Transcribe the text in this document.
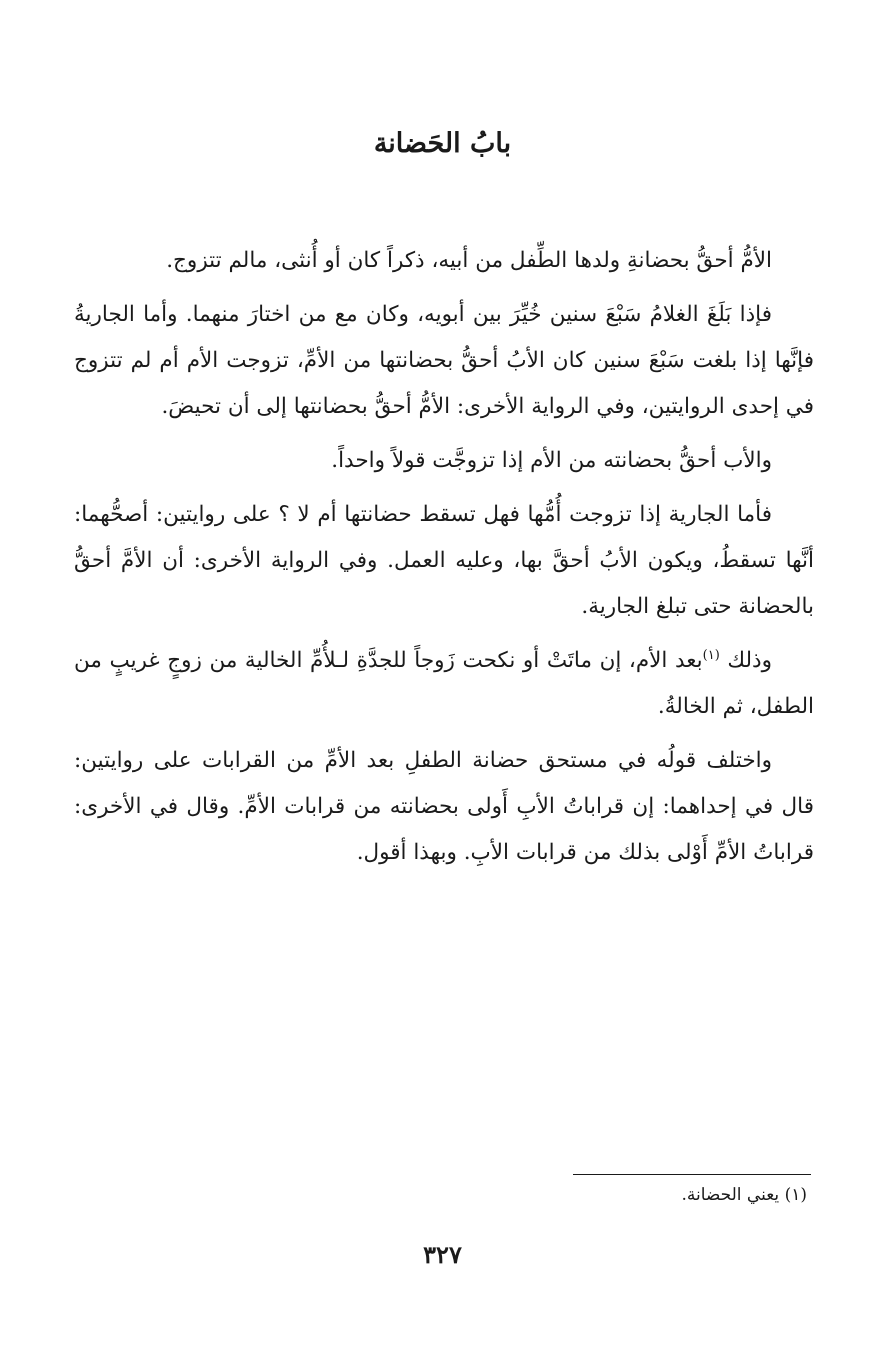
بابُ الحَضانة

الأمُّ أحقُّ بحضانةِ ولدها الطِّفل من أبيه، ذكراً كان أو أُنثى، مالم تتزوج.

فإذا بَلَغَ الغلامُ سَبْعَ سنين خُيِّرَ بين أبويه، وكان مع من اختارَ منهما. وأما الجاريةُ فإنَّها إذا بلغت سَبْعَ سنين كان الأبُ أحقُّ بحضانتها من الأمِّ، تزوجت الأم أم لم تتزوج في إحدى الروايتين، وفي الرواية الأخرى: الأمُّ أحقُّ بحضانتها إلى أن تحيضَ.

والأب أحقُّ بحضانته من الأم إذا تزوجَّت قولاً واحداً.

فأما الجارية إذا تزوجت أُمُّها فهل تسقط حضانتها أم لا ؟ على روايتين: أصحُّهما: أنَّها تسقطُ، ويكون الأبُ أحقَّ بها، وعليه العمل. وفي الرواية الأخرى: أن الأمَّ أحقُّ بالحضانة حتى تبلغ الجارية.

وذلك $^{(١)}$بعد الأم، إن ماتَتْ أو نكحت زَوجاً للجدَّةِ لـلأُمِّ الخالية من زوجٍ غريبٍ من الطفل، ثم الخالةُ.

واختلف قولُه في مستحق حضانة الطفلِ بعد الأمِّ من القرابات على روايتين: قال في إحداهما: إن قراباتُ الأبِ أَولى بحضانته من قرابات الأمِّ. وقال في الأخرى: قراباتُ الأمِّ أَوْلى بذلك من قرابات الأبِ. وبهذا أقول.

(١) يعني الحضانة.

٣٢٧
